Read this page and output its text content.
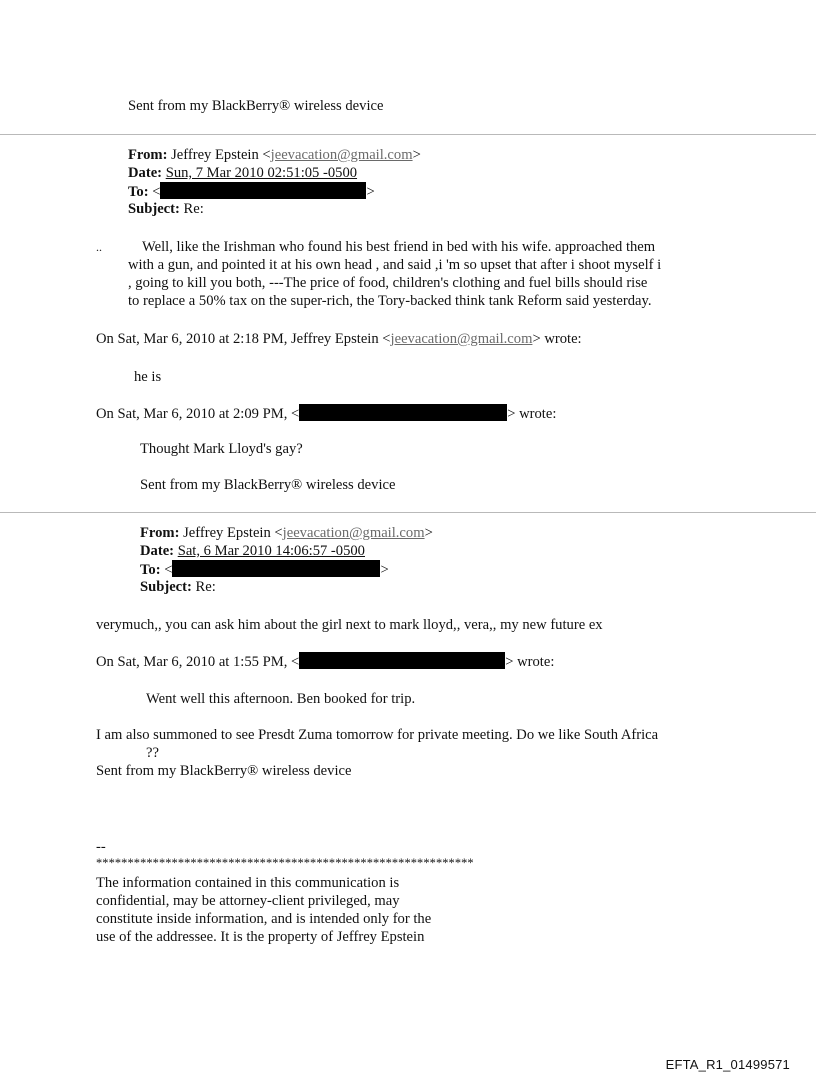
Sent from my BlackBerry® wireless device
From: Jeffrey Epstein <jeevacation@gmail.com>
Date: Sun, 7 Mar 2010 02:51:05 -0500
To: <	>
Subject: Re:
..	Well, like the Irishman who found his best friend in bed with his wife. approached them
with a gun, and pointed it at his own head , and said ,i 'm so upset that after i shoot myself i
, going to kill you both, ---The price of food, children's clothing and fuel bills should rise
to replace a 50% tax on the super-rich, the Tory-backed think tank Reform said yesterday.
On Sat, Mar 6, 2010 at 2:18 PM, Jeffrey Epstein <jeevacation@gmail.com> wrote:
he is
On Sat, Mar 6, 2010 at 2:09 PM, <	> wrote:
Thought Mark Lloyd's gay?
Sent from my BlackBerry® wireless device
From: Jeffrey Epstein <jeevacation@gmail.com>
Date: Sat, 6 Mar 2010 14:06:57 -0500
To: <	>
Subject: Re:
verymuch,, you can ask him about the girl next to mark lloyd,, vera,, my new future ex
On Sat, Mar 6, 2010 at 1:55 PM, <	> wrote:
Went well this afternoon. Ben booked for trip.
I am also summoned to see Presdt Zuma tomorrow for private meeting. Do we like South Africa
??
Sent from my BlackBerry® wireless device
--
************************************************************
The information contained in this communication is confidential, may be attorney-client privileged, may constitute inside information, and is intended only for the use of the addressee. It is the property of Jeffrey Epstein
EFTA_R1_01499571
